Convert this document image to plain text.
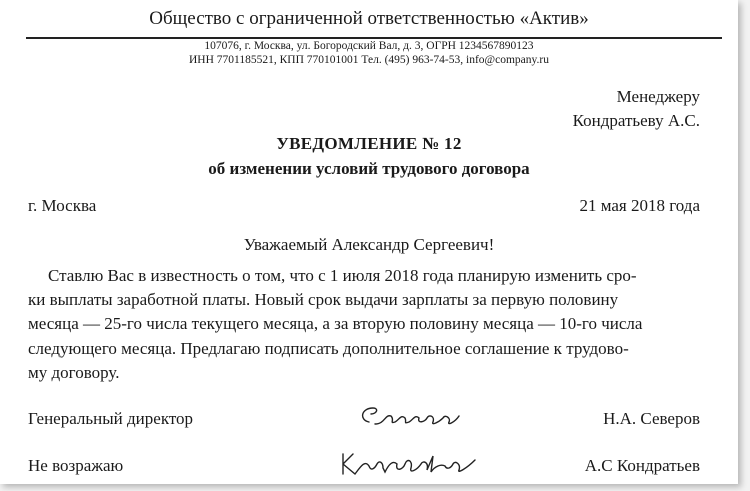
Общество с ограниченной ответственностью «Актив»
107076, г. Москва, ул. Богородский Вал, д. 3, ОГРН 1234567890123
ИНН 7701185521, КПП 770101001 Тел. (495) 963-74-53, info@company.ru
Менеджеру
Кондратьеву А.С.
УВЕДОМЛЕНИЕ № 12
об изменении условий трудового договора
г. Москва	21 мая 2018 года
Уважаемый Александр Сергеевич!
Ставлю Вас в известность о том, что с 1 июля 2018 года планирую изменить сро-
ки выплаты заработной платы. Новый срок выдачи зарплаты за первую половину
месяца — 25-го числа текущего месяца, а за вторую половину месяца — 10-го числа
следующего месяца. Предлагаю подписать дополнительное соглашение к трудово-
му договору.
Генеральный директор	Н.А. Северов
Не возражаю	А.С Кондратьев
